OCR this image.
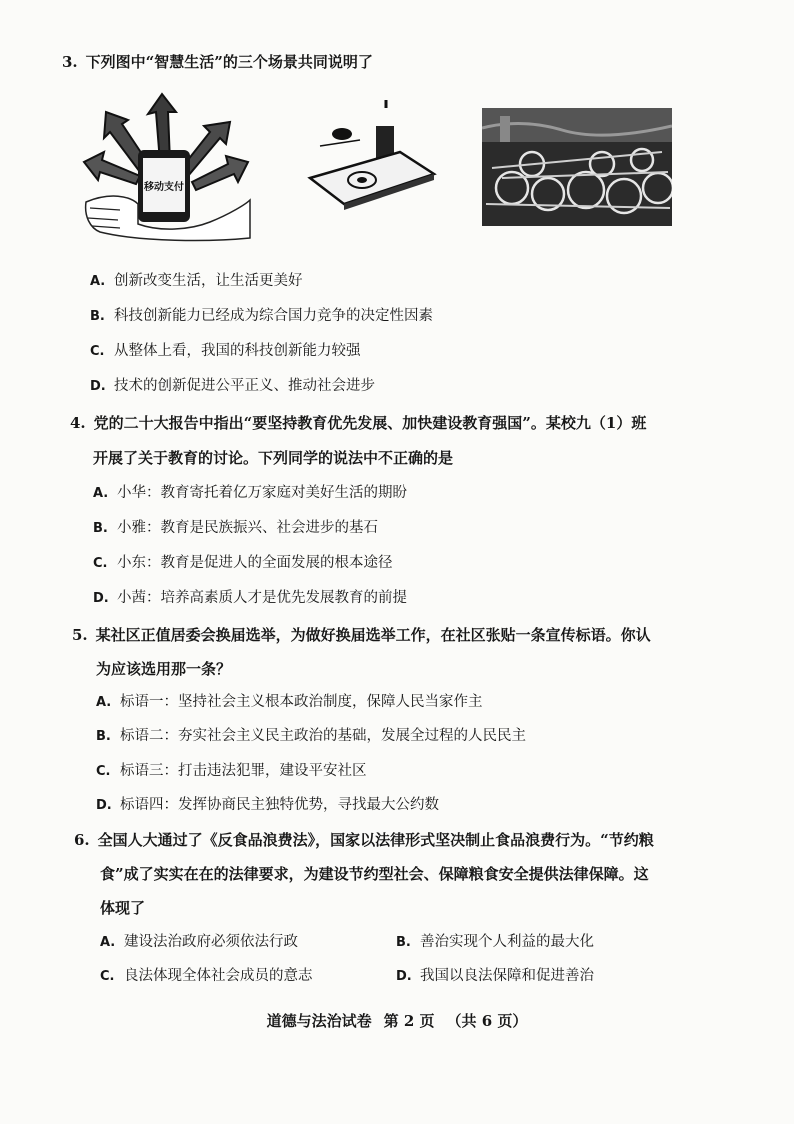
3. 下列图中“智慧生活”的三个场景共同说明了
移动支付
A. 创新改变生活，让生活更美好
B. 科技创新能力已经成为综合国力竞争的决定性因素
C. 从整体上看，我国的科技创新能力较强
D. 技术的创新促进公平正义、推动社会进步
4. 党的二十大报告中指出“要坚持教育优先发展、加快建设教育强国”。某校九（1）班
开展了关于教育的讨论。下列同学的说法中不正确的是
A. 小华：教育寄托着亿万家庭对美好生活的期盼
B. 小雅：教育是民族振兴、社会进步的基石
C. 小东：教育是促进人的全面发展的根本途径
D. 小茜：培养高素质人才是优先发展教育的前提
5. 某社区正值居委会换届选举，为做好换届选举工作，在社区张贴一条宣传标语。你认
为应该选用那一条？
A. 标语一：坚持社会主义根本政治制度，保障人民当家作主
B. 标语二：夯实社会主义民主政治的基础，发展全过程的人民民主
C. 标语三：打击违法犯罪，建设平安社区
D. 标语四：发挥协商民主独特优势，寻找最大公约数
6. 全国人大通过了《反食品浪费法》，国家以法律形式坚决制止食品浪费行为。“节约粮
食”成了实实在在的法律要求，为建设节约型社会、保障粮食安全提供法律保障。这
体现了
A. 建设法治政府必须依法行政	B. 善治实现个人利益的最大化
C. 良法体现全体社会成员的意志	D. 我国以良法保障和促进善治
道德与法治试卷 第 2 页 （共 6 页）
